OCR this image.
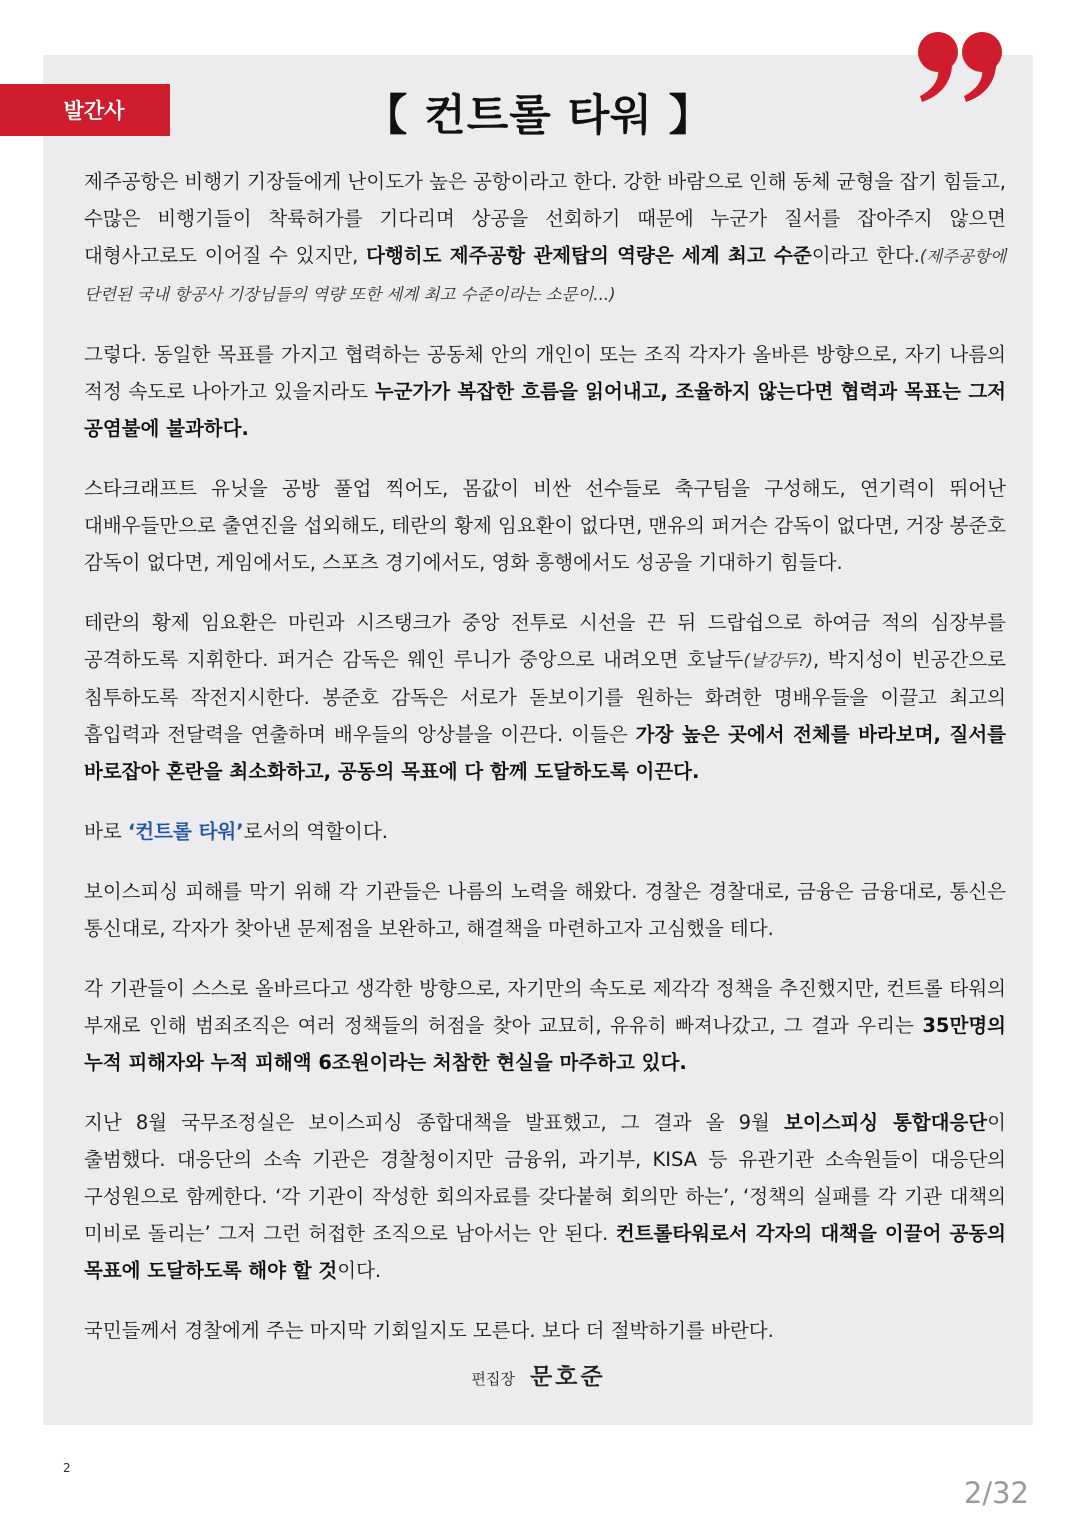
발간사	【 컨트롤 타워 】

제주공항은 비행기 기장들에게 난이도가 높은 공항이라고 한다. 강한 바람으로 인해 동체 균형을 잡기 힘들고, 수많은 비행기들이 착륙허가를 기다리며 상공을 선회하기 때문에 누군가 질서를 잡아주지 않으면 대형사고로도 이어질 수 있지만, 다행히도 제주공항 관제탑의 역량은 세계 최고 수준이라고 한다.(제주공항에 단련된 국내 항공사 기장님들의 역량 또한 세계 최고 수준이라는 소문이...)

그렇다. 동일한 목표를 가지고 협력하는 공동체 안의 개인이 또는 조직 각자가 올바른 방향으로, 자기 나름의 적정 속도로 나아가고 있을지라도 누군가가 복잡한 흐름을 읽어내고, 조율하지 않는다면 협력과 목표는 그저 공염불에 불과하다.

스타크래프트 유닛을 공방 풀업 찍어도, 몸값이 비싼 선수들로 축구팀을 구성해도, 연기력이 뛰어난 대배우들만으로 출연진을 섭외해도, 테란의 황제 임요환이 없다면, 맨유의 퍼거슨 감독이 없다면, 거장 봉준호 감독이 없다면, 게임에서도, 스포츠 경기에서도, 영화 흥행에서도 성공을 기대하기 힘들다.

테란의 황제 임요환은 마린과 시즈탱크가 중앙 전투로 시선을 끈 뒤 드랍쉽으로 하여금 적의 심장부를 공격하도록 지휘한다. 퍼거슨 감독은 웨인 루니가 중앙으로 내려오면 호날두(날강두?), 박지성이 빈공간으로 침투하도록 작전지시한다. 봉준호 감독은 서로가 돋보이기를 원하는 화려한 명배우들을 이끌고 최고의 흡입력과 전달력을 연출하며 배우들의 앙상블을 이끈다. 이들은 가장 높은 곳에서 전체를 바라보며, 질서를 바로잡아 혼란을 최소화하고, 공동의 목표에 다 함께 도달하도록 이끈다.

바로 ‘컨트롤 타워’로서의 역할이다.

보이스피싱 피해를 막기 위해 각 기관들은 나름의 노력을 해왔다. 경찰은 경찰대로, 금융은 금융대로, 통신은 통신대로, 각자가 찾아낸 문제점을 보완하고, 해결책을 마련하고자 고심했을 테다.

각 기관들이 스스로 올바르다고 생각한 방향으로, 자기만의 속도로 제각각 정책을 추진했지만, 컨트롤 타워의 부재로 인해 범죄조직은 여러 정책들의 허점을 찾아 교묘히, 유유히 빠져나갔고, 그 결과 우리는 35만명의 누적 피해자와 누적 피해액 6조원이라는 처참한 현실을 마주하고 있다.

지난 8월 국무조정실은 보이스피싱 종합대책을 발표했고, 그 결과 올 9월 보이스피싱 통합대응단이 출범했다. 대응단의 소속 기관은 경찰청이지만 금융위, 과기부, KISA 등 유관기관 소속원들이 대응단의 구성원으로 함께한다. ‘각 기관이 작성한 회의자료를 갖다붙혀 회의만 하는’, ‘정책의 실패를 각 기관 대책의 미비로 돌리는’ 그저 그런 허접한 조직으로 남아서는 안 된다. 컨트롤타워로서 각자의 대책을 이끌어 공동의 목표에 도달하도록 해야 할 것이다.

국민들께서 경찰에게 주는 마지막 기회일지도 모른다. 보다 더 절박하기를 바란다.

편집장 문호준
2
2/32
